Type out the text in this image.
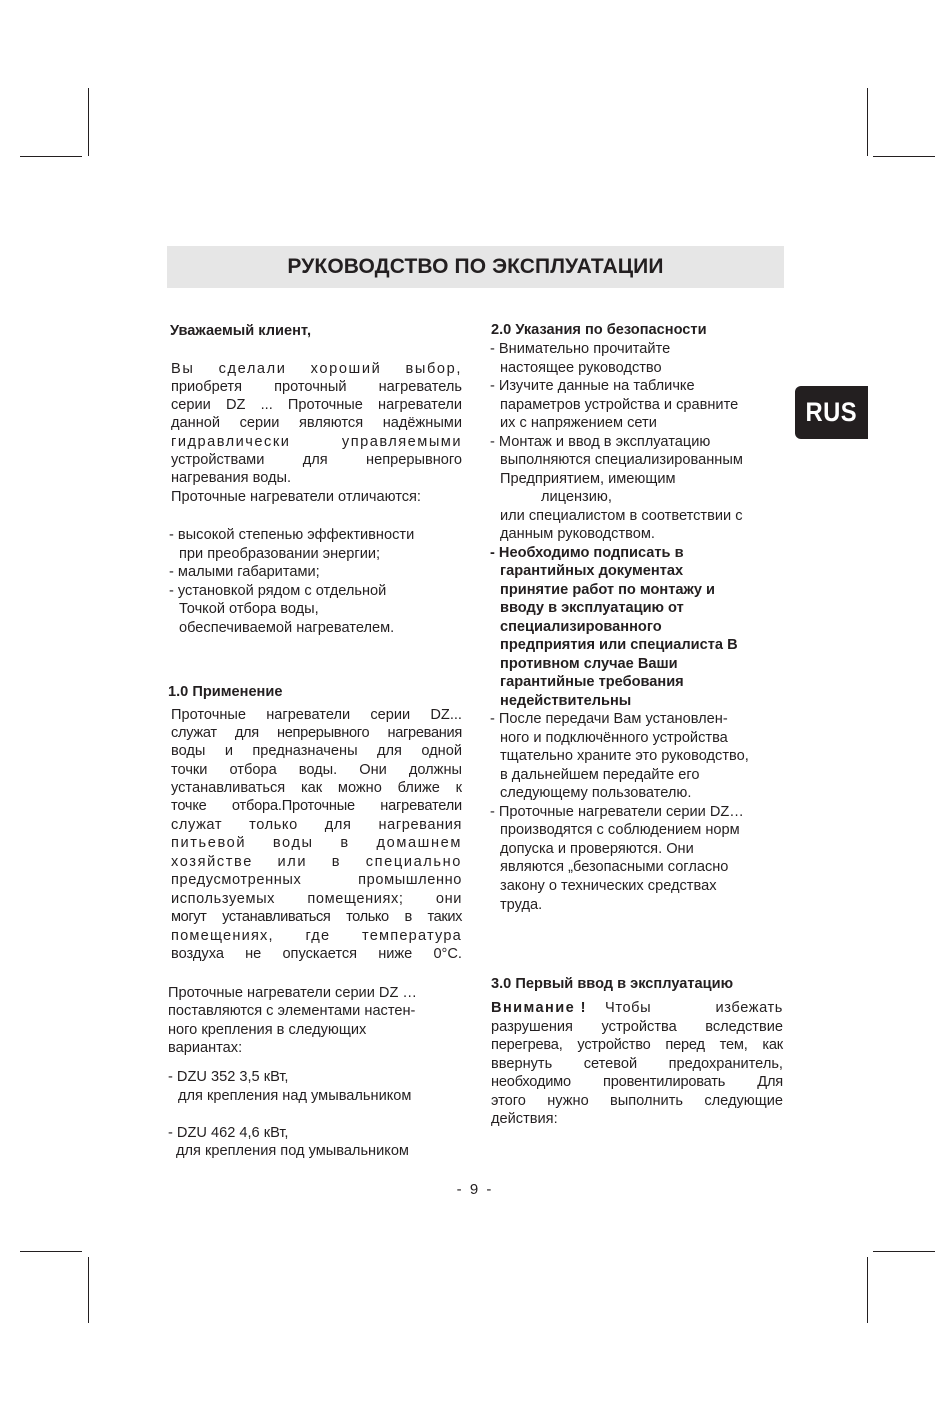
РУКОВОДСТВО ПО ЭКСПЛУАТАЦИИ
RUS
Уважаемый клиент,
Вы сделали хороший выбор,
приобретя проточный нагреватель
серии DZ ... Проточные нагреватели
данной серии являются надёжными
гидравлически управляемыми
устройствами для непрерывного
нагревания воды.
Проточные нагреватели отличаются:
- высокой степенью эффективности
при преобразовании энергии;
- малыми габаритами;
- установкой рядом с отдельной
Точкой отбора воды,
обеспечиваемой нагревателем.
1.0 Применение
Проточные нагреватели серии DZ...
служат для непрерывного нагревания
воды и предназначены для одной
точки отбора воды. Они должны
устанавливаться как можно ближе к
точке отбора.Проточные нагреватели
служат только для нагревания
питьевой воды в домашнем
хозяйстве или в специально
предусмотренных промышленно
используемых помещениях; они
могут устанавливаться только в таких
помещениях, где температура
воздуха не опускается ниже 0°С.
Проточные нагреватели серии DZ …
поставляются с элементами настен-
ного крепления в следующих
вариантах:
- DZU 352 3,5 кВт,
для крепления над умывальником
- DZU 462 4,6 кВт,
для крепления под умывальником
2.0 Указания по безопасности
- Внимательно прочитайте
настоящее руководство
- Изучите данные на табличке
параметров устройства и сравните
их с напряжением сети
- Монтаж и ввод в эксплуатацию
выполняются специализированным
Предприятием, имеющим
лицензию,
или специалистом в соответствии с
данным руководством.
- Необходимо подписать в
гарантийных документах
принятие работ по монтажу и
вводу в эксплуатацию от
специализированного
предприятия или специалиста В
противном случае Ваши
гарантийные требования
недействительны
- После передачи Вам установлен-
ного и подключённого устройства
тщательно храните это руководство,
в дальнейшем передайте его
следующему пользователю.
- Проточные нагреватели серии DZ…
производятся с соблюдением норм
допуска и проверяются. Они
являются „безопасными согласно
закону о технических средствах
труда.
3.0 Первый ввод в эксплуатацию
Внимание ! Чтобы избежать
разрушения устройства вследствие
перегрева, устройство перед тем, как
ввернуть сетевой предохранитель,
необходимо провентилировать Для
этого нужно выполнить следующие
действия:
- 9 -
